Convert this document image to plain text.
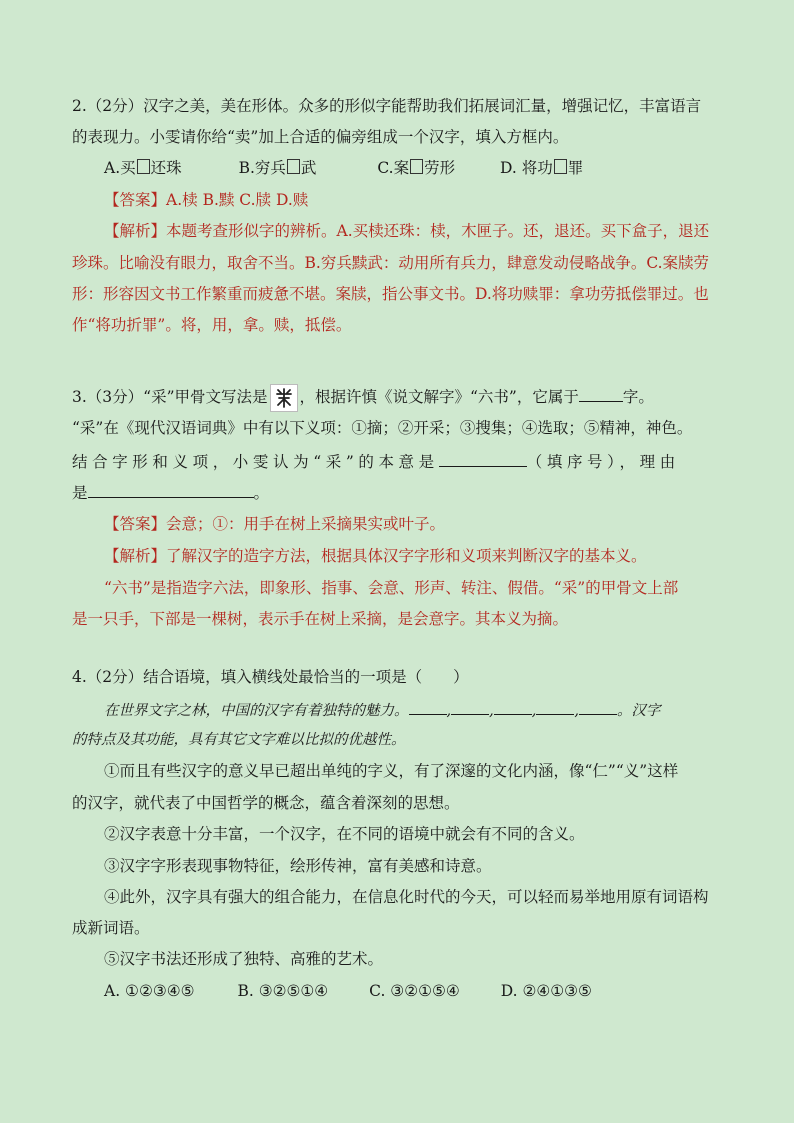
2.（2分）汉字之美，美在形体。众多的形似字能帮助我们拓展词汇量，增强记忆，丰富语言
的表现力。小雯请你给“卖”加上合适的偏旁组成一个汉字，填入方框内。
A.买 还珠	B.穷兵 武	C.案 劳形	D. 将功 罪
【答案】A.椟 B.黩 C.牍 D.赎
【解析】本题考查形似字的辨析。A.买椟还珠：椟，木匣子。还，退还。买下盒子，退还
珍珠。比喻没有眼力，取舍不当。B.穷兵黩武：动用所有兵力，肆意发动侵略战争。C.案牍劳
形：形容因文书工作繁重而疲惫不堪。案牍，指公事文书。D.将功赎罪：拿功劳抵偿罪过。也
作“将功折罪”。将，用，拿。赎，抵偿。
3.（3分）“采”甲骨文写法是 ，根据许慎《说文解字》“六书”，它属于	字。
“采”在《现代汉语词典》中有以下义项：①摘；②开采；③搜集；④选取；⑤精神，神色。
结合字形和义项，小雯认为“采”的本意是	（填序号），理由
是	。
【答案】会意；①：用手在树上采摘果实或叶子。
【解析】了解汉字的造字方法，根据具体汉字字形和义项来判断汉字的基本义。
“六书”是指造字六法，即象形、指事、会意、形声、转注、假借。“采”的甲骨文上部
是一只手，下部是一棵树，表示手在树上采摘，是会意字。其本义为摘。
4.（2分）结合语境，填入横线处最恰当的一项是（　　）
在世界文字之林，中国的汉字有着独特的魅力。	,	,	,	,	。汉字
的特点及其功能，具有其它文字难以比拟的优越性。
①而且有些汉字的意义早已超出单纯的字义，有了深邃的文化内涵，像“仁”“义”这样
的汉字，就代表了中国哲学的概念，蕴含着深刻的思想。
②汉字表意十分丰富，一个汉字，在不同的语境中就会有不同的含义。
③汉字字形表现事物特征，绘形传神，富有美感和诗意。
④此外，汉字具有强大的组合能力，在信息化时代的今天，可以轻而易举地用原有词语构
成新词语。
⑤汉字书法还形成了独特、高雅的艺术。
A. ①②③④⑤	B. ③②⑤①④	C. ③②①⑤④	D. ②④①③⑤
